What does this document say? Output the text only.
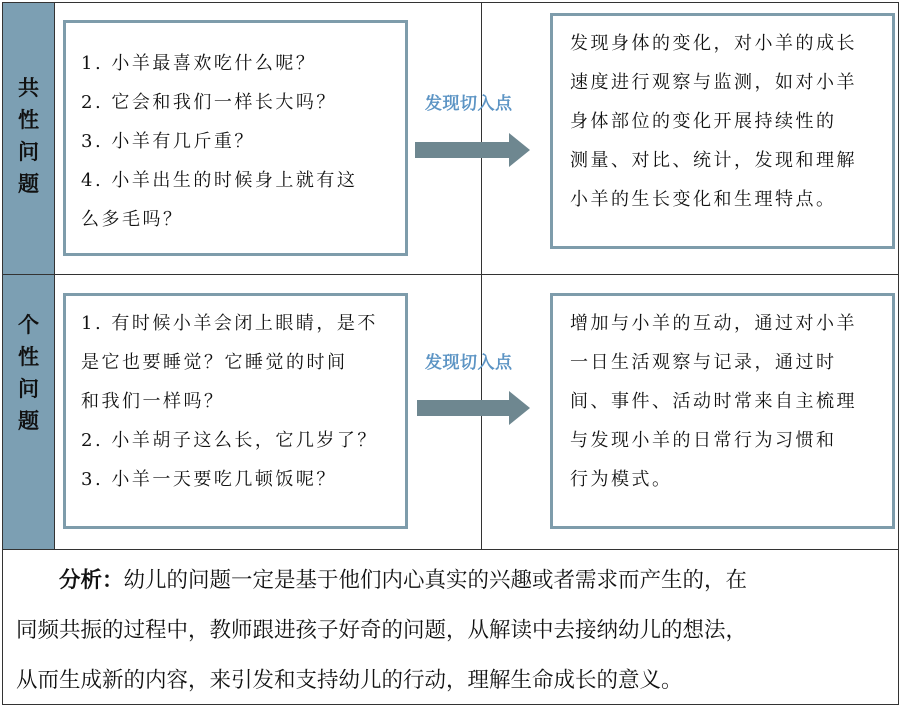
共
性
问
题
个
性
问
题

1. 小羊最喜欢吃什么呢？

2. 它会和我们一样长大吗？

3. 小羊有几斤重？

4. 小羊出生的时候身上就有这

么多毛吗？

发现切入点

发现身体的变化，对小羊的成长

速度进行观察与监测，如对小羊

身体部位的变化开展持续性的

测量、对比、统计，发现和理解

小羊的生长变化和生理特点。

1. 有时候小羊会闭上眼睛，是不

是它也要睡觉？它睡觉的时间

和我们一样吗？

2. 小羊胡子这么长，它几岁了？

3. 小羊一天要吃几顿饭呢？

发现切入点

增加与小羊的互动，通过对小羊

一日生活观察与记录，通过时

间、事件、活动时常来自主梳理

与发现小羊的日常行为习惯和

行为模式。

分析：幼儿的问题一定是基于他们内心真实的兴趣或者需求而产生的，在

同频共振的过程中，教师跟进孩子好奇的问题，从解读中去接纳幼儿的想法，

从而生成新的内容，来引发和支持幼儿的行动，理解生命成长的意义。
